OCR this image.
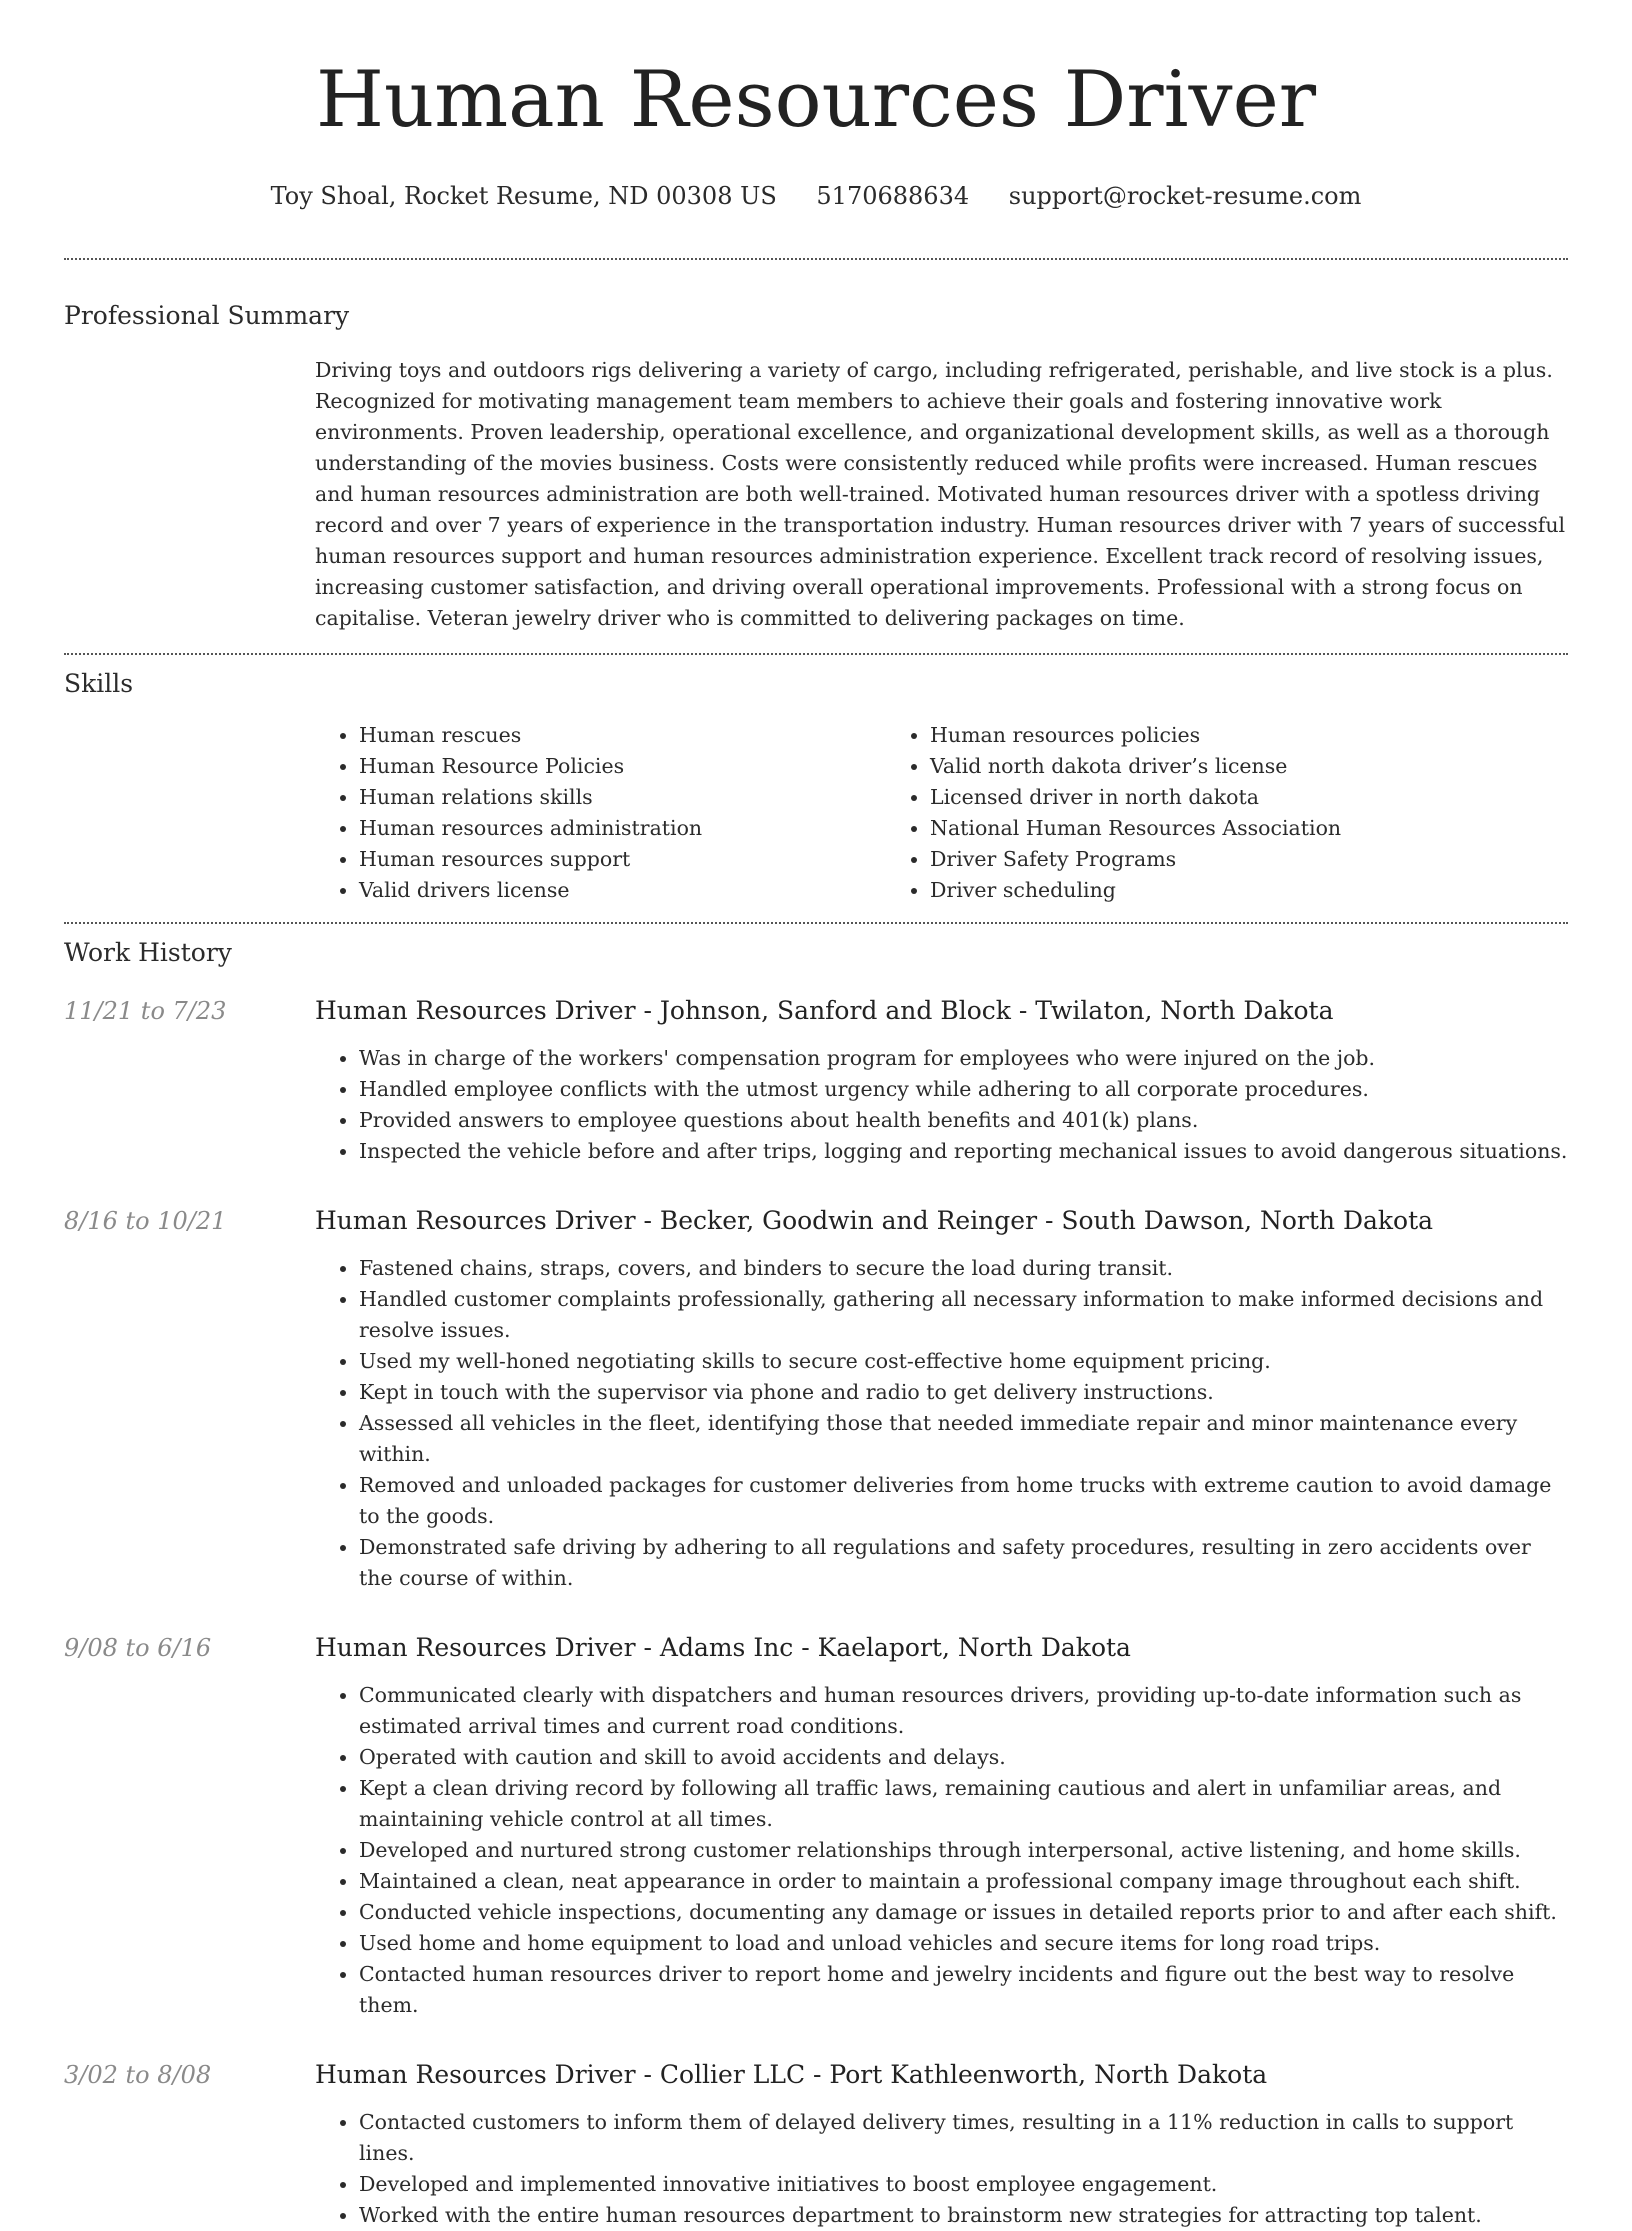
Human Resources Driver
Toy Shoal, Rocket Resume, ND 00308 US 5170688634 support@rocket-resume.com
Professional Summary
Driving toys and outdoors rigs delivering a variety of cargo, including refrigerated, perishable, and live stock is a plus. Recognized for motivating management team members to achieve their goals and fostering innovative work environments. Proven leadership, operational excellence, and organizational development skills, as well as a thorough understanding of the movies business. Costs were consistently reduced while profits were increased. Human rescues and human resources administration are both well-trained. Motivated human resources driver with a spotless driving record and over 7 years of experience in the transportation industry. Human resources driver with 7 years of successful human resources support and human resources administration experience. Excellent track record of resolving issues, increasing customer satisfaction, and driving overall operational improvements. Professional with a strong focus on capitalise. Veteran jewelry driver who is committed to delivering packages on time.
Skills
• Human rescues
• Human Resource Policies
• Human relations skills
• Human resources administration
• Human resources support
• Valid drivers license
• Human resources policies
• Valid north dakota driver’s license
• Licensed driver in north dakota
• National Human Resources Association
• Driver Safety Programs
• Driver scheduling
Work History
11/21 to 7/23	Human Resources Driver - Johnson, Sanford and Block - Twilaton, North Dakota
• Was in charge of the workers' compensation program for employees who were injured on the job.
• Handled employee conflicts with the utmost urgency while adhering to all corporate procedures.
• Provided answers to employee questions about health benefits and 401(k) plans.
• Inspected the vehicle before and after trips, logging and reporting mechanical issues to avoid dangerous situations.
8/16 to 10/21	Human Resources Driver - Becker, Goodwin and Reinger - South Dawson, North Dakota
• Fastened chains, straps, covers, and binders to secure the load during transit.
• Handled customer complaints professionally, gathering all necessary information to make informed decisions and resolve issues.
• Used my well-honed negotiating skills to secure cost-effective home equipment pricing.
• Kept in touch with the supervisor via phone and radio to get delivery instructions.
• Assessed all vehicles in the fleet, identifying those that needed immediate repair and minor maintenance every within.
• Removed and unloaded packages for customer deliveries from home trucks with extreme caution to avoid damage to the goods.
• Demonstrated safe driving by adhering to all regulations and safety procedures, resulting in zero accidents over the course of within.
9/08 to 6/16	Human Resources Driver - Adams Inc - Kaelaport, North Dakota
• Communicated clearly with dispatchers and human resources drivers, providing up-to-date information such as estimated arrival times and current road conditions.
• Operated with caution and skill to avoid accidents and delays.
• Kept a clean driving record by following all traffic laws, remaining cautious and alert in unfamiliar areas, and maintaining vehicle control at all times.
• Developed and nurtured strong customer relationships through interpersonal, active listening, and home skills.
• Maintained a clean, neat appearance in order to maintain a professional company image throughout each shift.
• Conducted vehicle inspections, documenting any damage or issues in detailed reports prior to and after each shift.
• Used home and home equipment to load and unload vehicles and secure items for long road trips.
• Contacted human resources driver to report home and jewelry incidents and figure out the best way to resolve them.
3/02 to 8/08	Human Resources Driver - Collier LLC - Port Kathleenworth, North Dakota
• Contacted customers to inform them of delayed delivery times, resulting in a 11% reduction in calls to support lines.
• Developed and implemented innovative initiatives to boost employee engagement.
• Worked with the entire human resources department to brainstorm new strategies for attracting top talent.
